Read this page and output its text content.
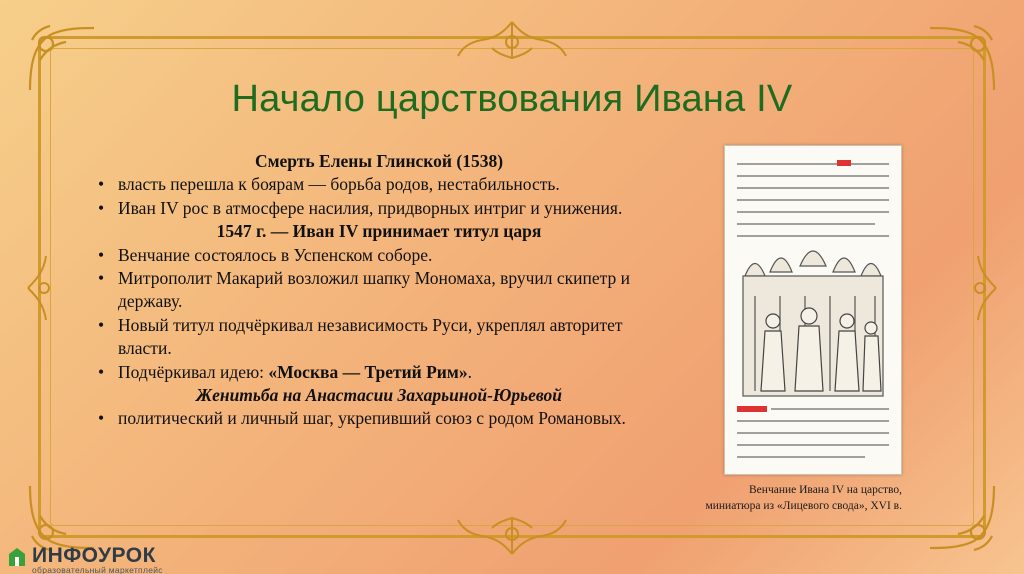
Начало царствования Ивана IV
Смерть Елены Глинской (1538)
• власть перешла к боярам — борьба родов, нестабильность.
• Иван IV рос в атмосфере насилия, придворных интриг и унижения.
1547 г. — Иван IV принимает титул царя
• Венчание состоялось в Успенском соборе.
• Митрополит Макарий возложил шапку Мономаха, вручил скипетр и державу.
• Новый титул подчёркивал независимость Руси, укреплял авторитет власти.
• Подчёркивал идею: «Москва — Третий Рим».
Женитьба на Анастасии Захарьиной-Юрьевой
• политический и личный шаг, укрепивший союз с родом Романовых.
Венчание Ивана IV на царство,
миниатюра из «Лицевого свода», XVI в.
ИНФОУРОК
образовательный маркетплейс
